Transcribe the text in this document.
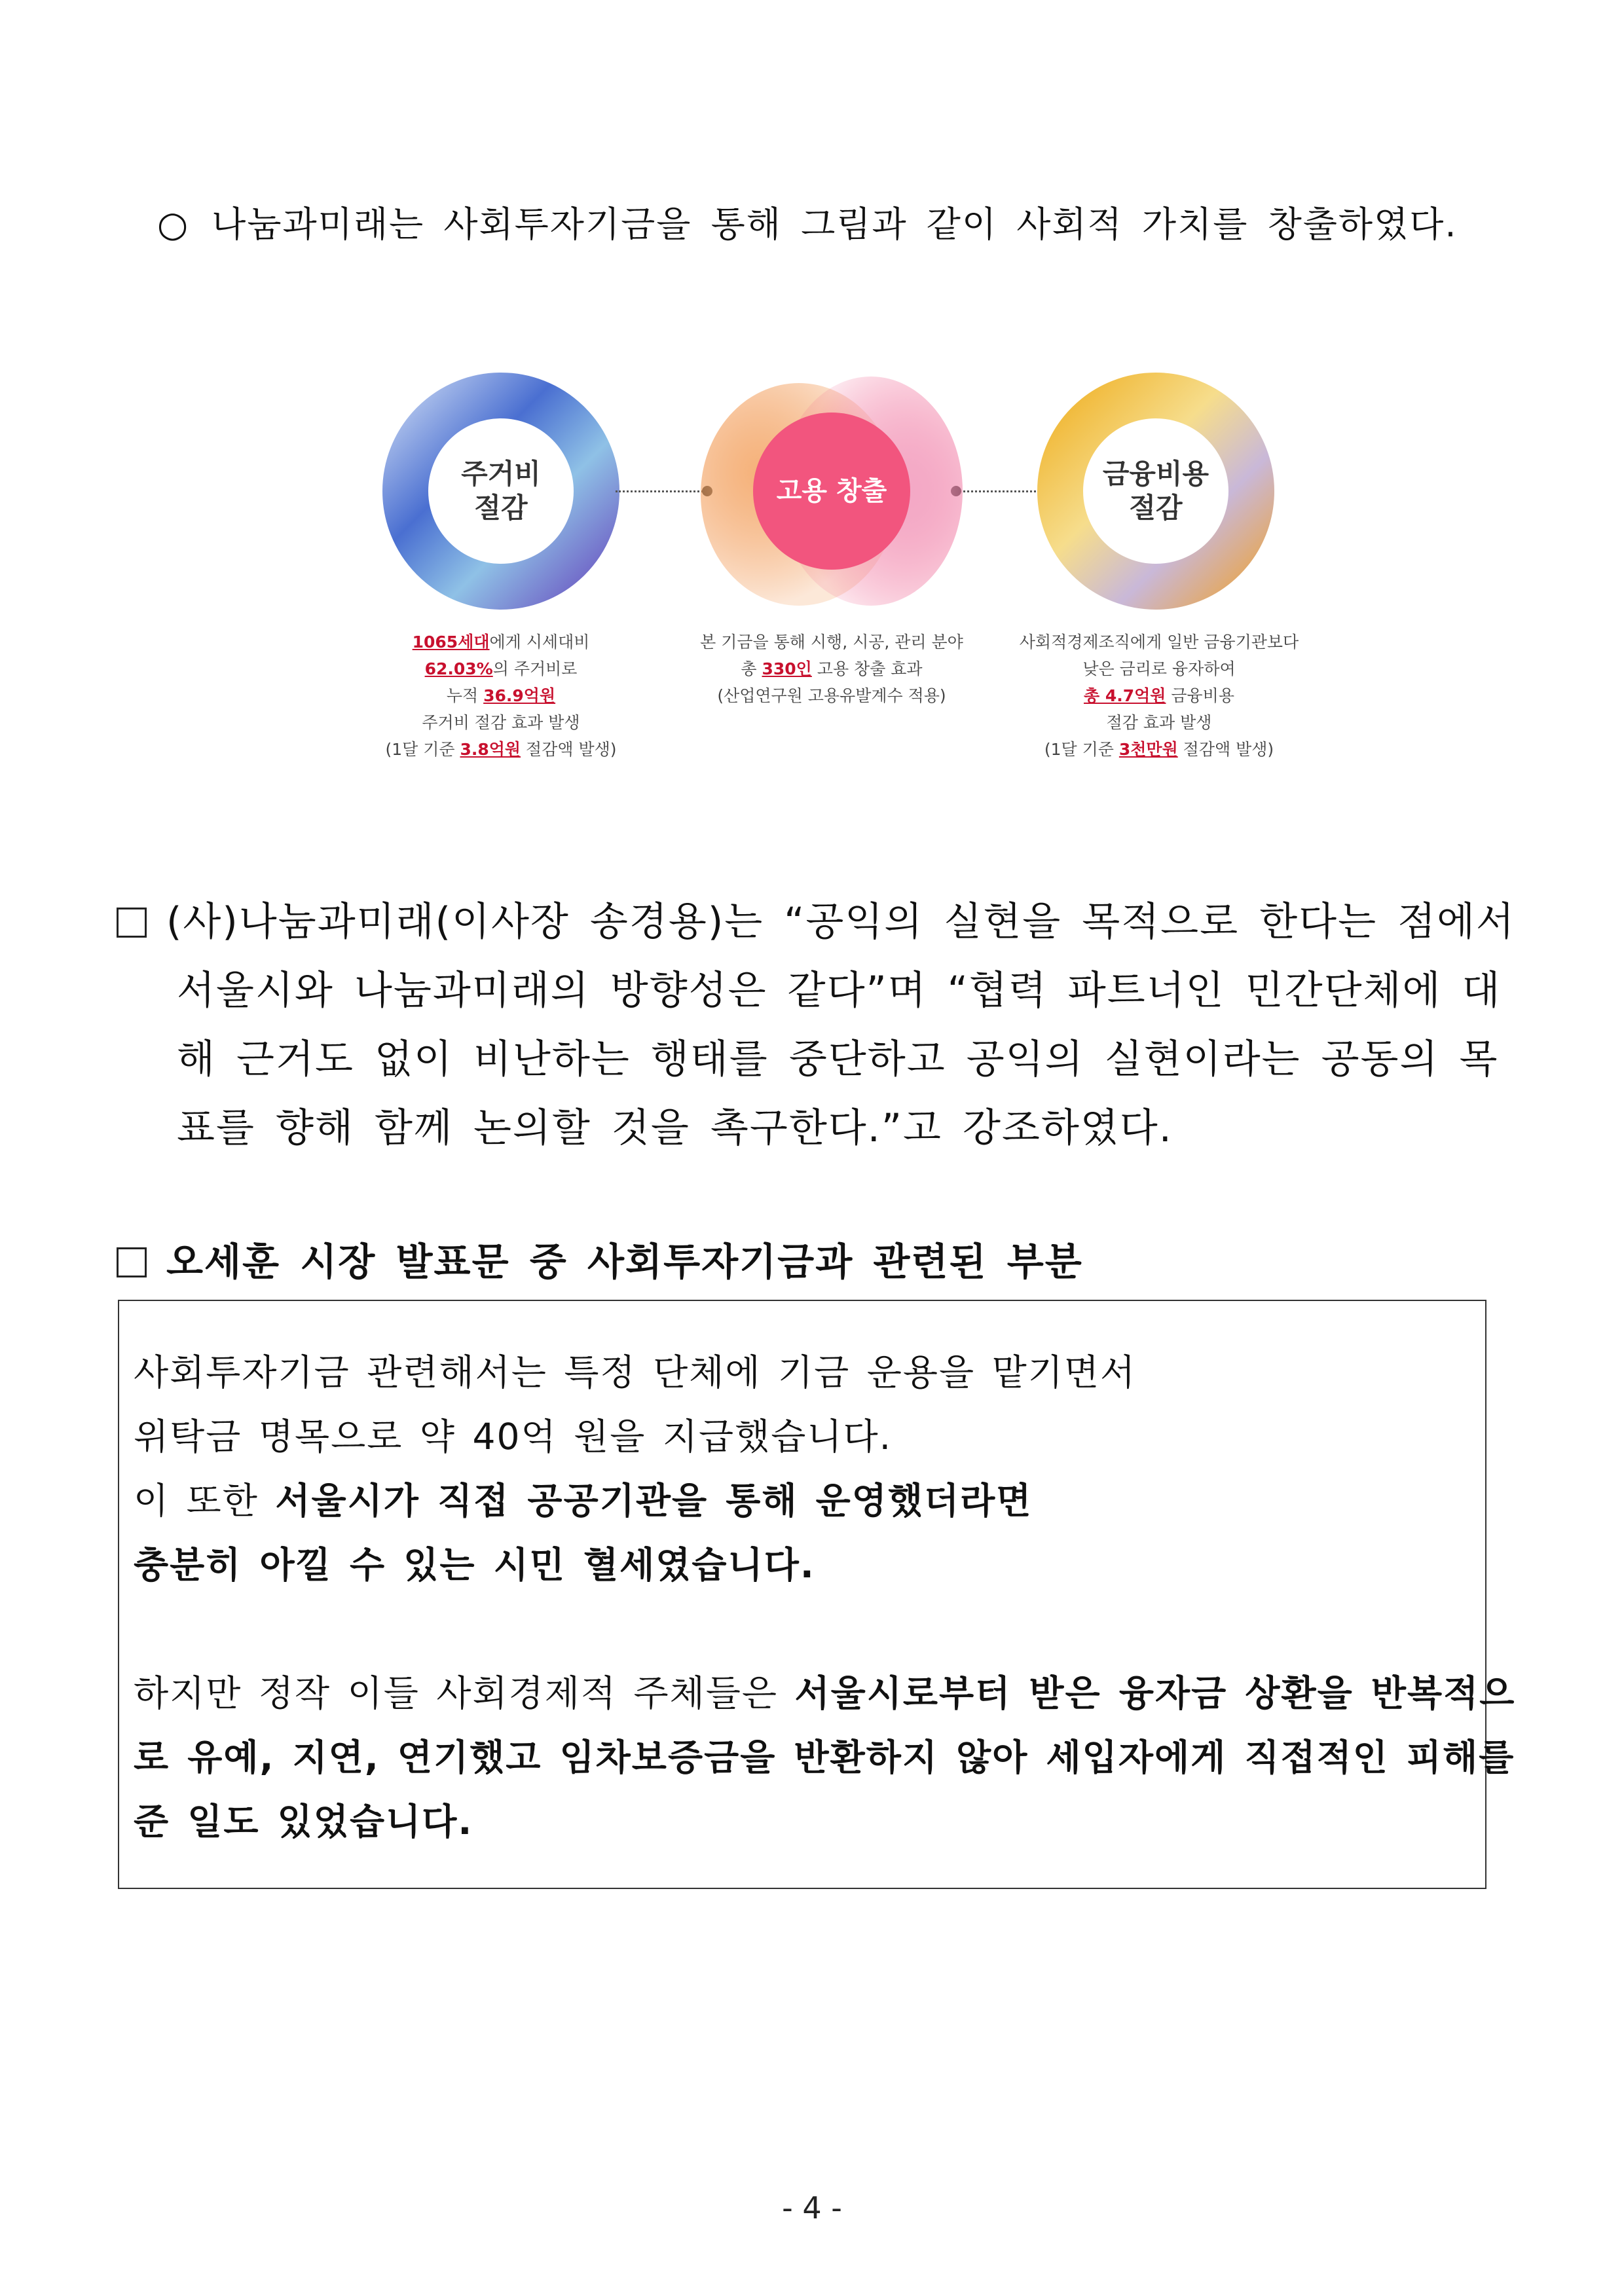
○ 나눔과미래는 사회투자기금을 통해 그림과 같이 사회적 가치를 창출하였다.
주거비
절감
고용 창출
금융비용
절감
1065세대에게 시세대비
62.03%의 주거비로
누적 36.9억원
주거비 절감 효과 발생
(1달 기준 3.8억원 절감액 발생)
본 기금을 통해 시행, 시공, 관리 분야
총 330인 고용 창출 효과
(산업연구원 고용유발계수 적용)
사회적경제조직에게 일반 금융기관보다
낮은 금리로 융자하여
총 4.7억원 금융비용
절감 효과 발생
(1달 기준 3천만원 절감액 발생)
(사)나눔과미래(이사장 송경용)는 “공익의 실현을 목적으로 한다는 점에서
서울시와 나눔과미래의 방향성은 같다”며 “협력 파트너인 민간단체에 대
해 근거도 없이 비난하는 행태를 중단하고 공익의 실현이라는 공동의 목
표를 향해 함께 논의할 것을 촉구한다.”고 강조하였다.
오세훈 시장 발표문 중 사회투자기금과 관련된 부분
사회투자기금 관련해서는 특정 단체에 기금 운용을 맡기면서
위탁금 명목으로 약 40억 원을 지급했습니다.
이 또한 서울시가 직접 공공기관을 통해 운영했더라면
충분히 아낄 수 있는 시민 혈세였습니다.
하지만 정작 이들 사회경제적 주체들은 서울시로부터 받은 융자금 상환을 반복적으
로 유예, 지연, 연기했고 임차보증금을 반환하지 않아 세입자에게 직접적인 피해를
준 일도 있었습니다.
- 4 -
